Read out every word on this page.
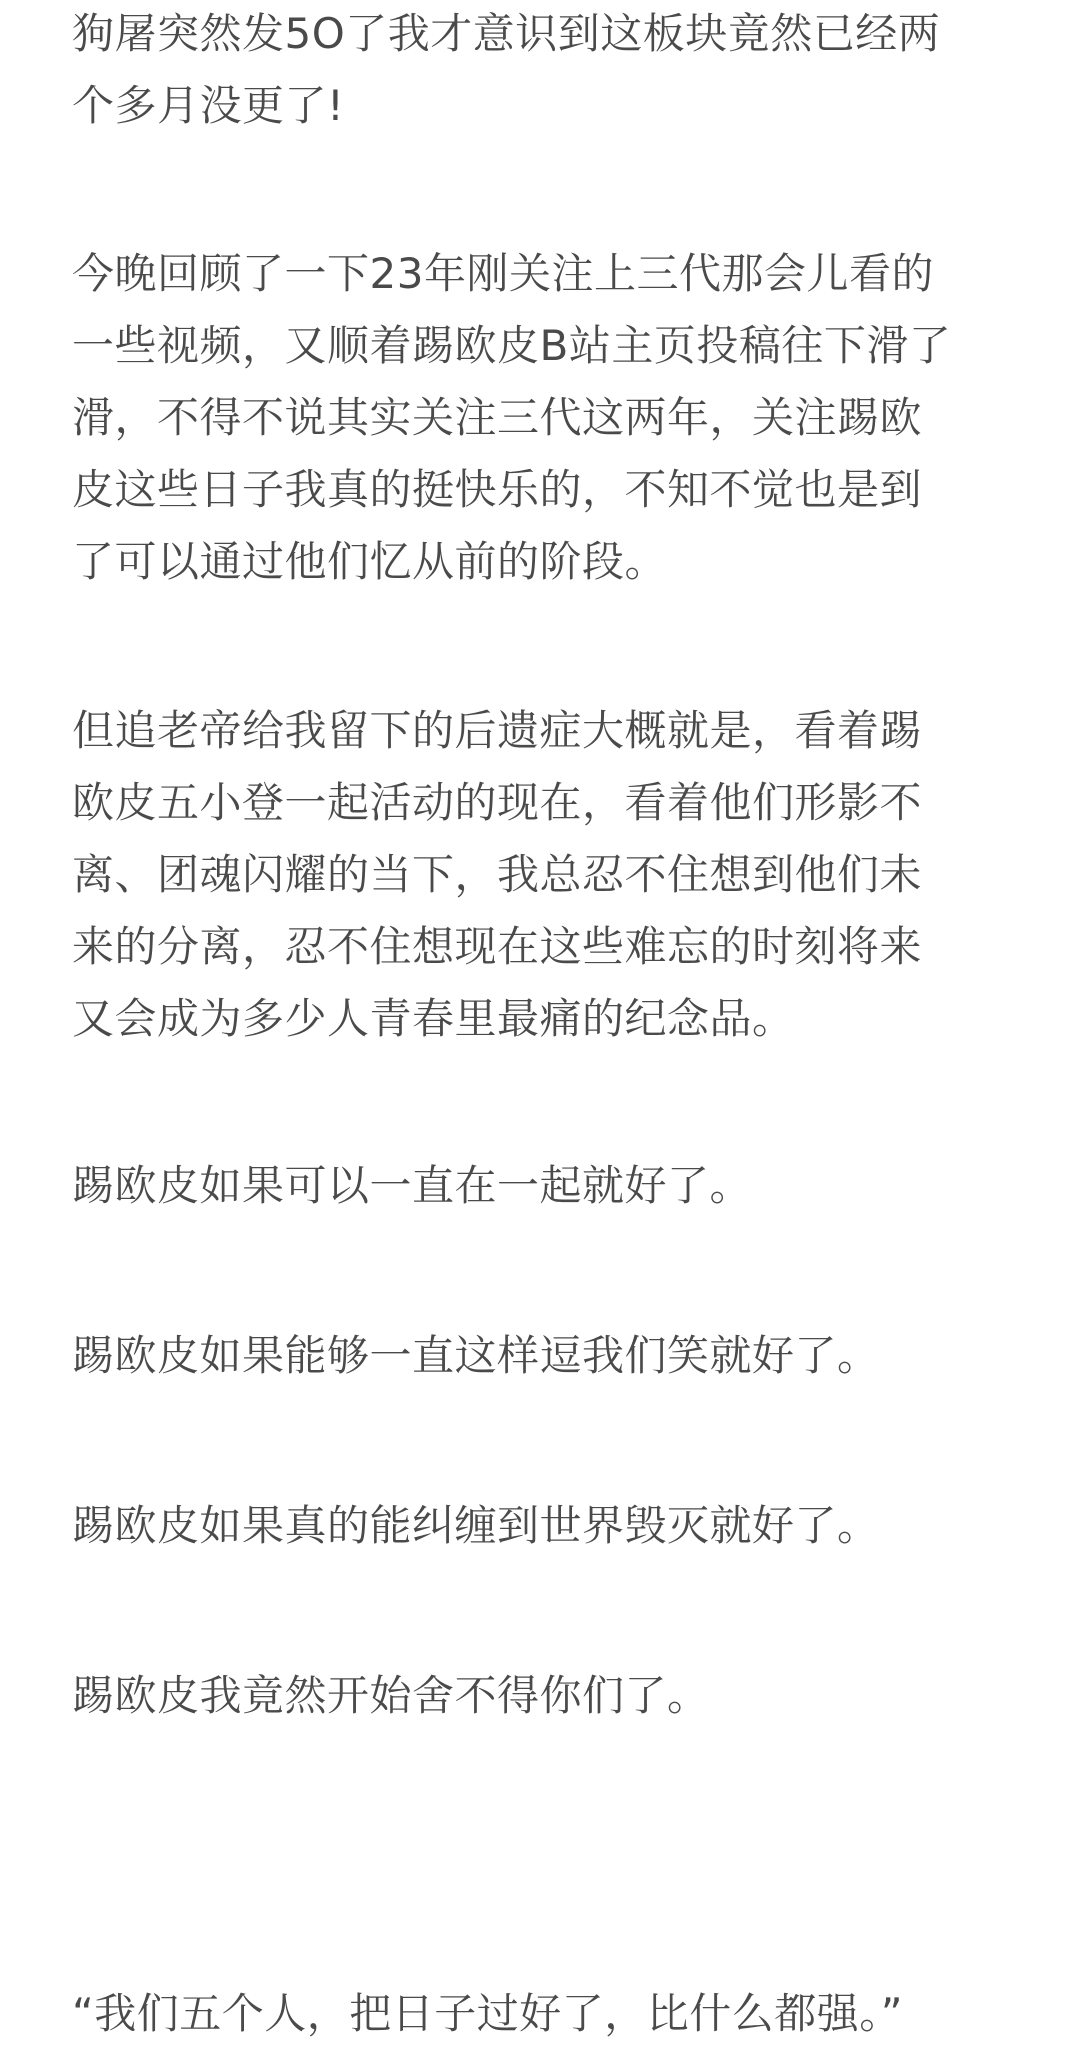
狗屠突然发5O了我才意识到这板块竟然已经两
个多月没更了!

今晚回顾了一下23年刚关注上三代那会儿看的
一些视频，又顺着踢欧皮B站主页投稿往下滑了
滑，不得不说其实关注三代这两年，关注踢欧
皮这些日子我真的挺快乐的，不知不觉也是到
了可以通过他们忆从前的阶段。

但追老帝给我留下的后遗症大概就是，看着踢
欧皮五小登一起活动的现在，看着他们形影不
离、团魂闪耀的当下，我总忍不住想到他们未
来的分离，忍不住想现在这些难忘的时刻将来
又会成为多少人青春里最痛的纪念品。

踢欧皮如果可以一直在一起就好了。

踢欧皮如果能够一直这样逗我们笑就好了。

踢欧皮如果真的能纠缠到世界毁灭就好了。

踢欧皮我竟然开始舍不得你们了。

“我们五个人，把日子过好了，比什么都强。”
